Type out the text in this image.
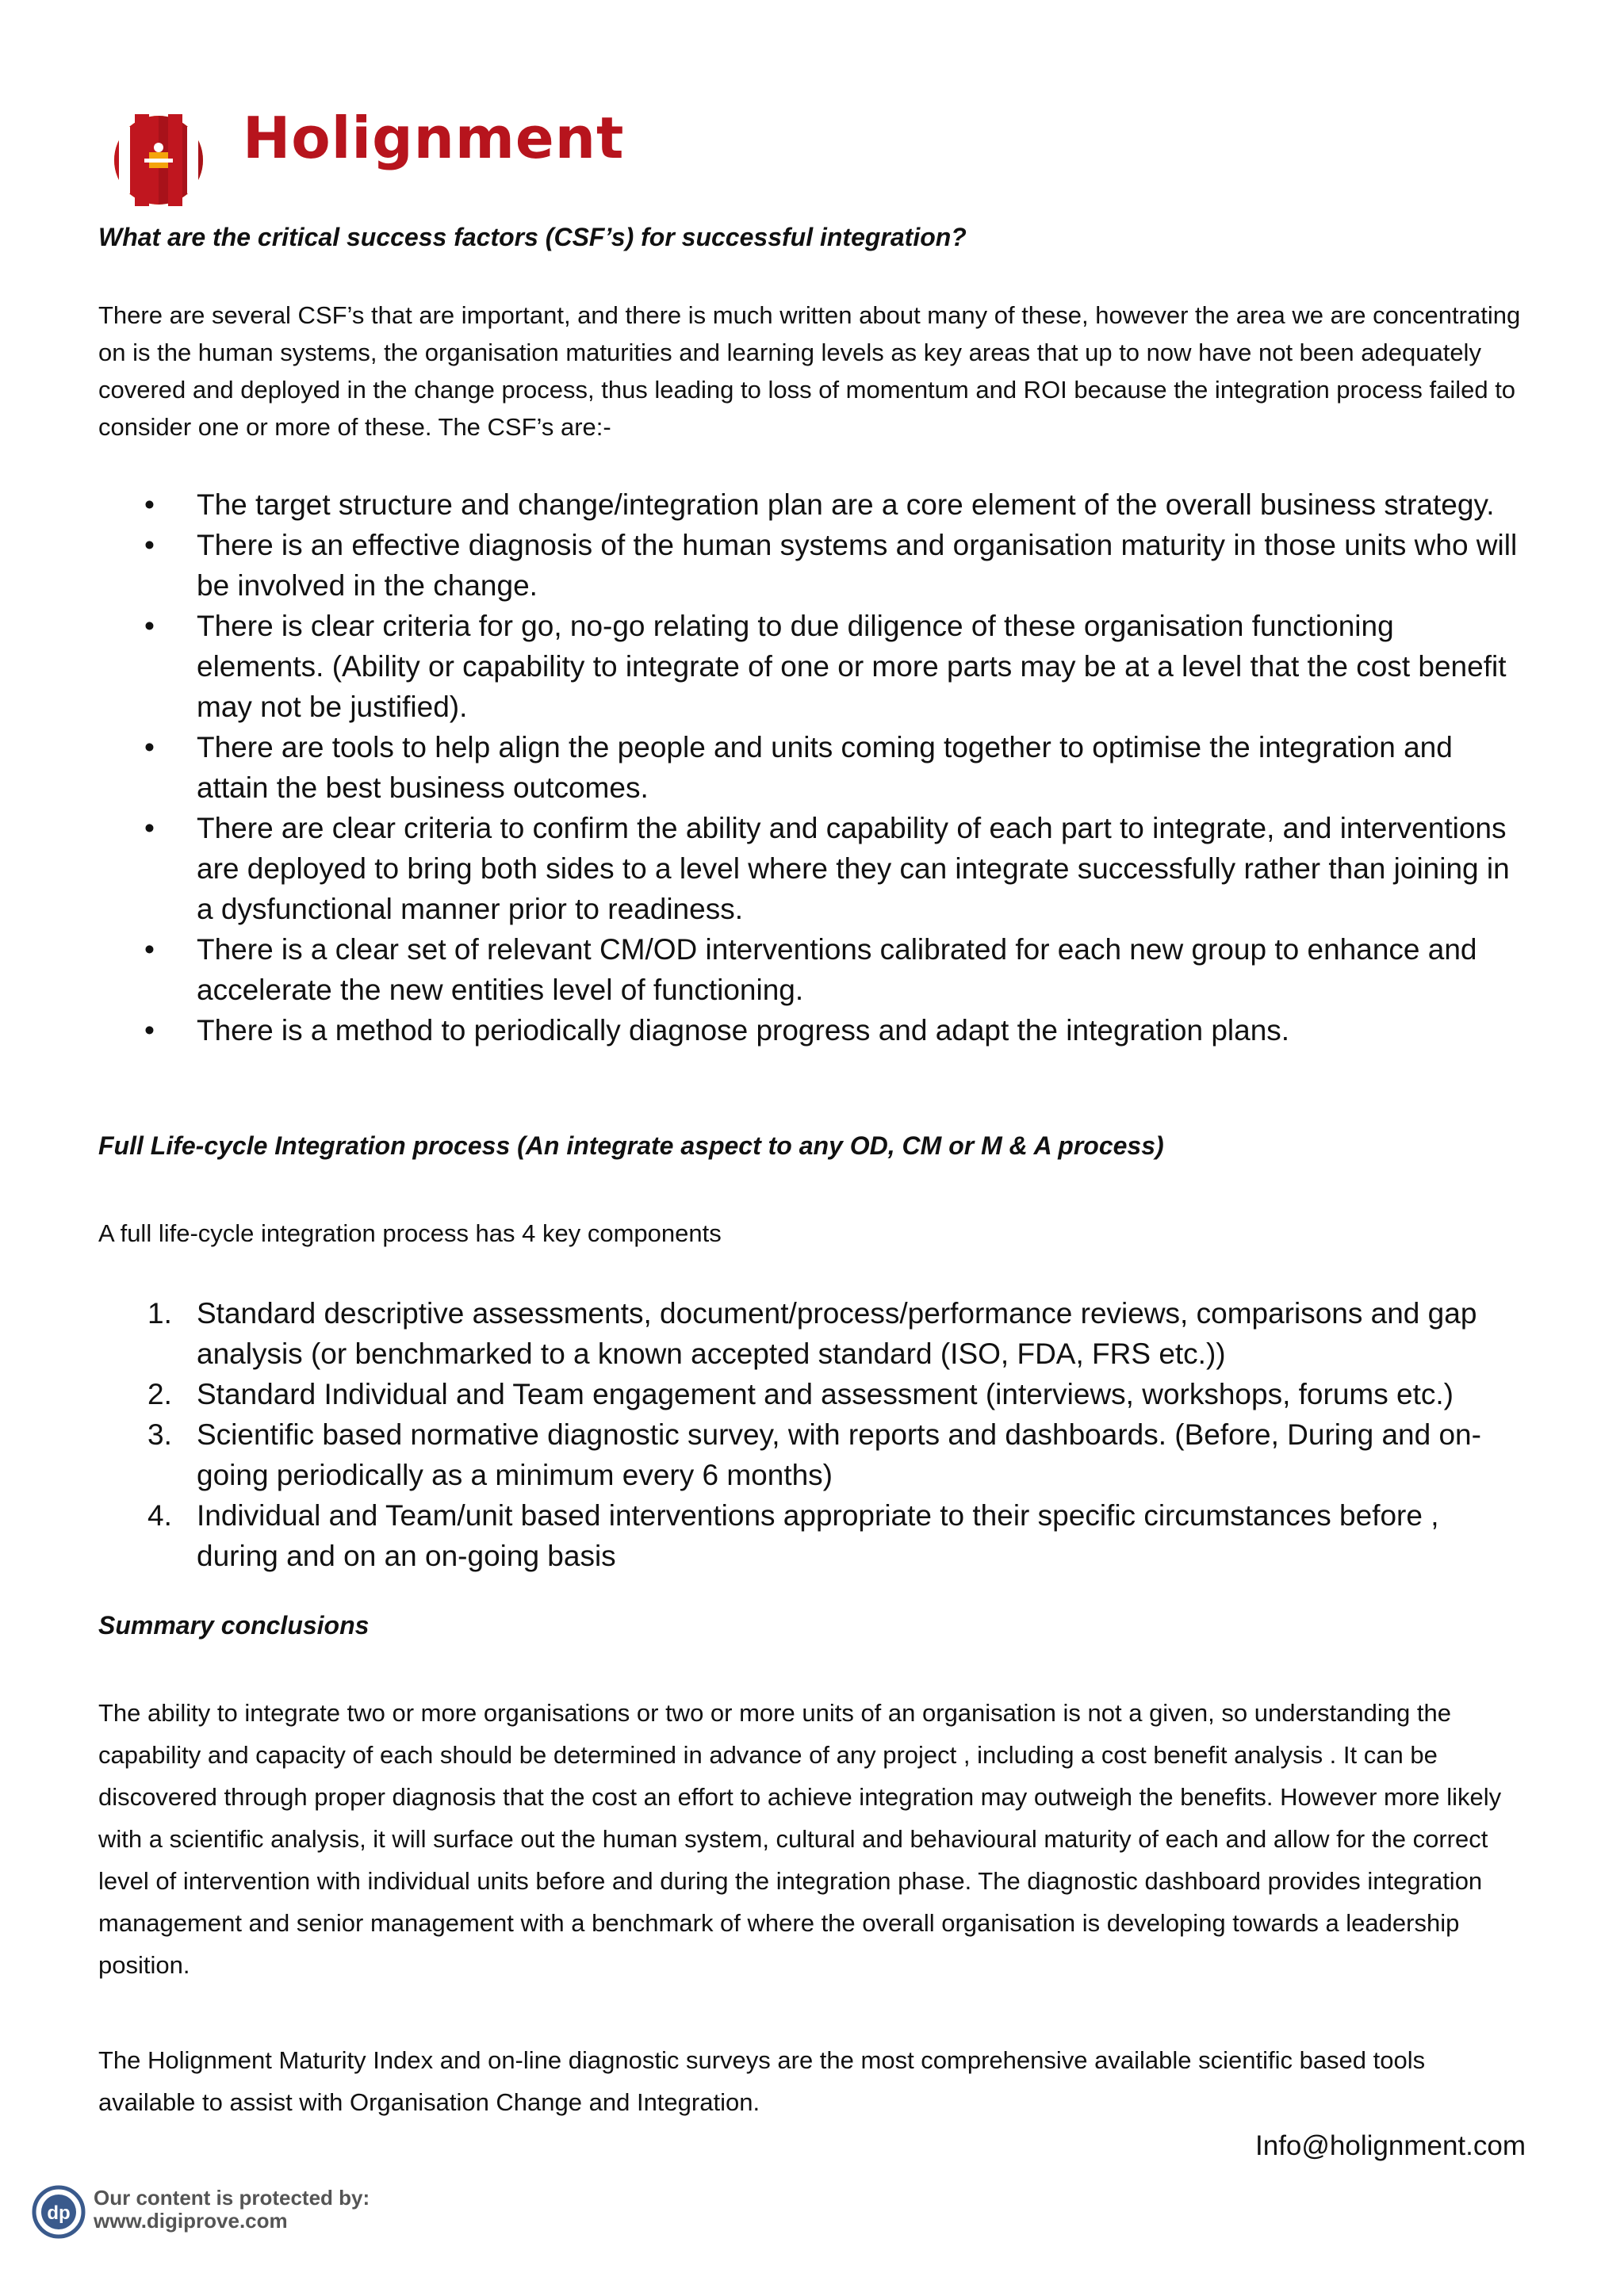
Holignment
What are the critical success factors (CSF’s) for successful integration?

There are several CSF’s that are important, and there is much written about many of these, however the area we are concentrating on is the human systems, the organisation maturities and learning levels as key areas that up to now have not been adequately covered and deployed in the change process, thus leading to loss of momentum and ROI because the integration process failed to consider one or more of these. The CSF’s are:-

• The target structure and change/integration plan are a core element of the overall business strategy.
• There is an effective diagnosis of the human systems and organisation maturity in those units who will be involved in the change.
• There is clear criteria for go, no-go relating to due diligence of these organisation functioning elements. (Ability or capability to integrate of one or more parts may be at a level that the cost benefit may not be justified).
• There are tools to help align the people and units coming together to optimise the integration and attain the best business outcomes.
• There are clear criteria to confirm the ability and capability of each part to integrate, and interventions are deployed to bring both sides to a level where they can integrate successfully rather than joining in a dysfunctional manner prior to readiness.
• There is a clear set of relevant CM/OD interventions calibrated for each new group to enhance and accelerate the new entities level of functioning.
• There is a method to periodically diagnose progress and adapt the integration plans.
Full Life-cycle Integration process (An integrate aspect to any OD, CM or M & A process)

A full life-cycle integration process has 4 key components

1. Standard descriptive assessments, document/process/performance reviews, comparisons and gap analysis (or benchmarked to a known accepted standard (ISO, FDA, FRS etc.))
2. Standard Individual and Team engagement and assessment (interviews, workshops, forums etc.)
3. Scientific based normative diagnostic survey, with reports and dashboards. (Before, During and on-going periodically as a minimum every 6 months)
4. Individual and Team/unit based interventions appropriate to their specific circumstances before , during and on an on-going basis
Summary conclusions

The ability to integrate two or more organisations or two or more units of an organisation is not a given, so understanding the capability and capacity of each should be determined in advance of any project , including a cost benefit analysis . It can be discovered through proper diagnosis that the cost an effort to achieve integration may outweigh the benefits. However more likely with a scientific analysis, it will surface out the human system, cultural and behavioural maturity of each and allow for the correct level of intervention with individual units before and during the integration phase. The diagnostic dashboard provides integration management and senior management with a benchmark of where the overall organisation is developing towards a leadership position.

The Holignment Maturity Index and on-line diagnostic surveys are the most comprehensive available scientific based tools available to assist with Organisation Change and Integration.

Info@holignment.com
dp
Our content is protected by:
www.digiprove.com
